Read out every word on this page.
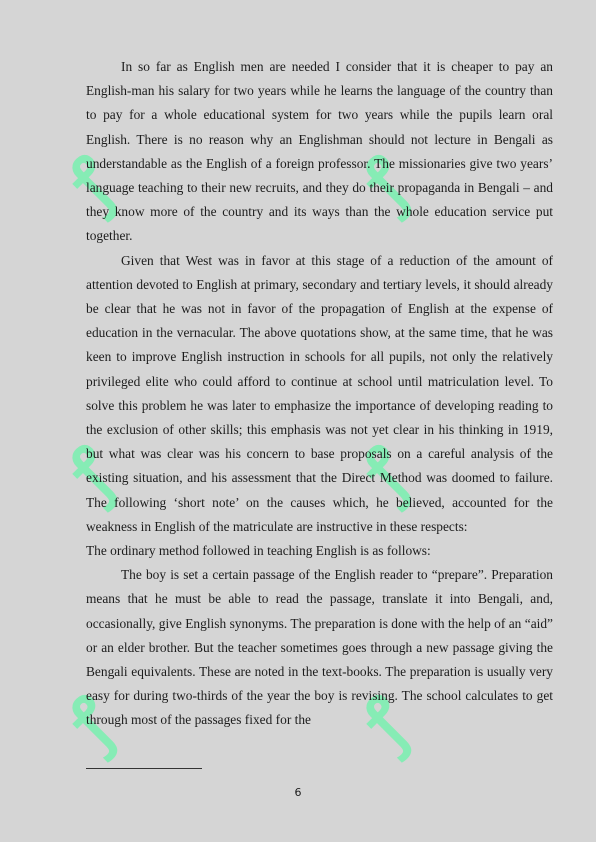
ꝭ	ꝭ
ꝭ	ꝭ
ꝭ	ꝭ

In so far as English men are needed I consider that it is cheaper to pay an English-man his salary for two years while he learns the language of the country than to pay for a whole educational system for two years while the pupils learn oral English. There is no reason why an Englishman should not lecture in Bengali as understandable as the English of a foreign professor. The missionaries give two years’ language teaching to their new recruits, and they do their propaganda in Bengali – and they know more of the country and its ways than the whole education service put together.

Given that West was in favor at this stage of a reduction of the amount of attention devoted to English at primary, secondary and tertiary levels, it should already be clear that he was not in favor of the propagation of English at the expense of education in the vernacular. The above quotations show, at the same time, that he was keen to improve English instruction in schools for all pupils, not only the relatively privileged elite who could afford to continue at school until matriculation level. To solve this problem he was later to emphasize the importance of developing reading to the exclusion of other skills; this emphasis was not yet clear in his thinking in 1919, but what was clear was his concern to base proposals on a careful analysis of the existing situation, and his assessment that the Direct Method was doomed to failure. The following ‘short note’ on the causes which, he believed, accounted for the weakness in English of the matriculate are instructive in these respects:

The ordinary method followed in teaching English is as follows:

The boy is set a certain passage of the English reader to “prepare”. Preparation means that he must be able to read the passage, translate it into Bengali, and, occasionally, give English synonyms. The preparation is done with the help of an “aid” or an elder brother. But the teacher sometimes goes through a new passage giving the Bengali equivalents. These are noted in the text-books. The preparation is usually very easy for during two-thirds of the year the boy is revising. The school calculates to get through most of the passages fixed for the

6
